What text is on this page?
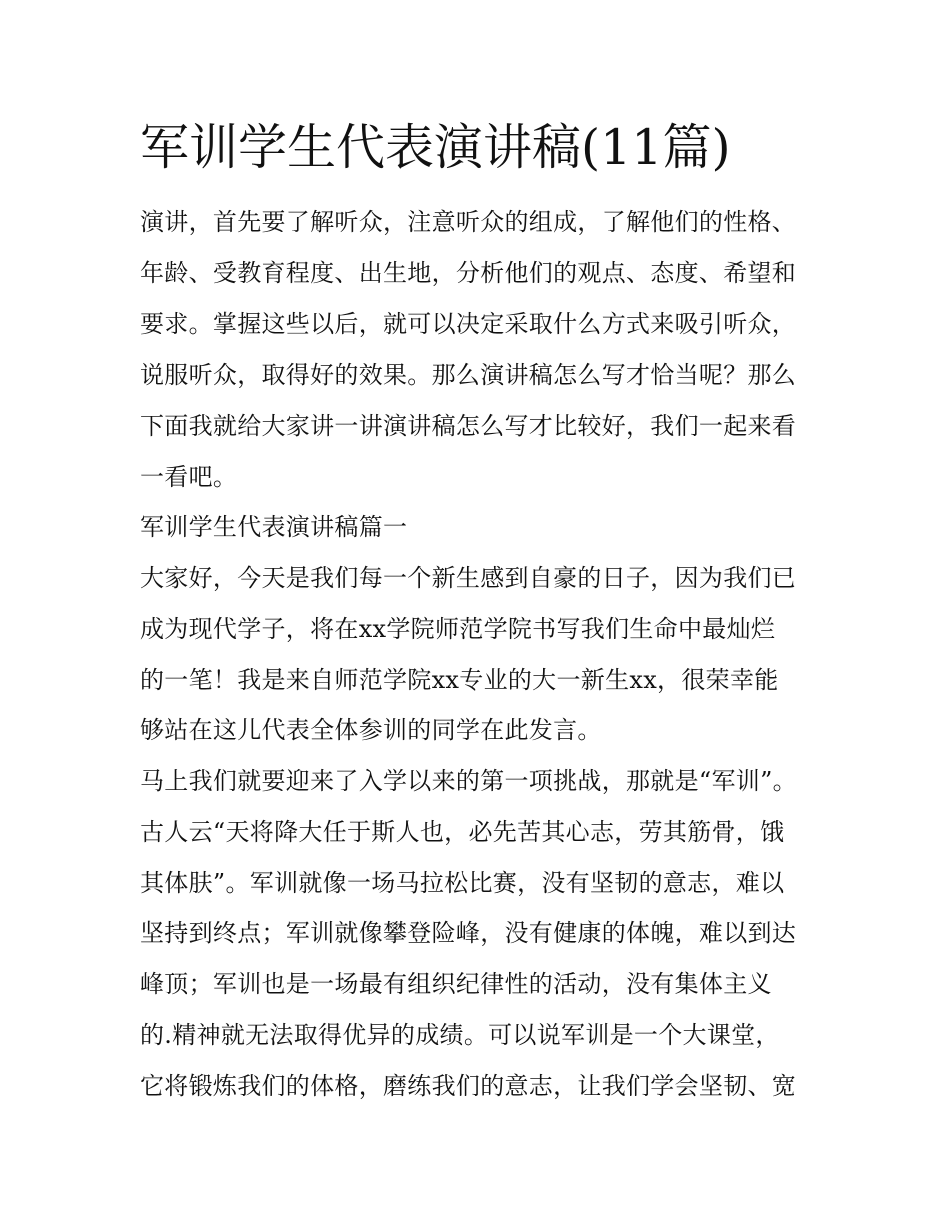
军训学生代表演讲稿(11篇)

演讲，首先要了解听众，注意听众的组成，了解他们的性格、

年龄、受教育程度、出生地，分析他们的观点、态度、希望和

要求。掌握这些以后，就可以决定采取什么方式来吸引听众，

说服听众，取得好的效果。那么演讲稿怎么写才恰当呢？那么

下面我就给大家讲一讲演讲稿怎么写才比较好，我们一起来看

一看吧。

军训学生代表演讲稿篇一

大家好，今天是我们每一个新生感到自豪的日子，因为我们已

成为现代学子，将在xx学院师范学院书写我们生命中最灿烂

的一笔！我是来自师范学院xx专业的大一新生xx，很荣幸能

够站在这儿代表全体参训的同学在此发言。

马上我们就要迎来了入学以来的第一项挑战，那就是“军训”。

古人云“天将降大任于斯人也，必先苦其心志，劳其筋骨，饿

其体肤”。军训就像一场马拉松比赛，没有坚韧的意志，难以

坚持到终点；军训就像攀登险峰，没有健康的体魄，难以到达

峰顶；军训也是一场最有组织纪律性的活动，没有集体主义

的.精神就无法取得优异的成绩。可以说军训是一个大课堂，

它将锻炼我们的体格，磨练我们的意志，让我们学会坚韧、宽
